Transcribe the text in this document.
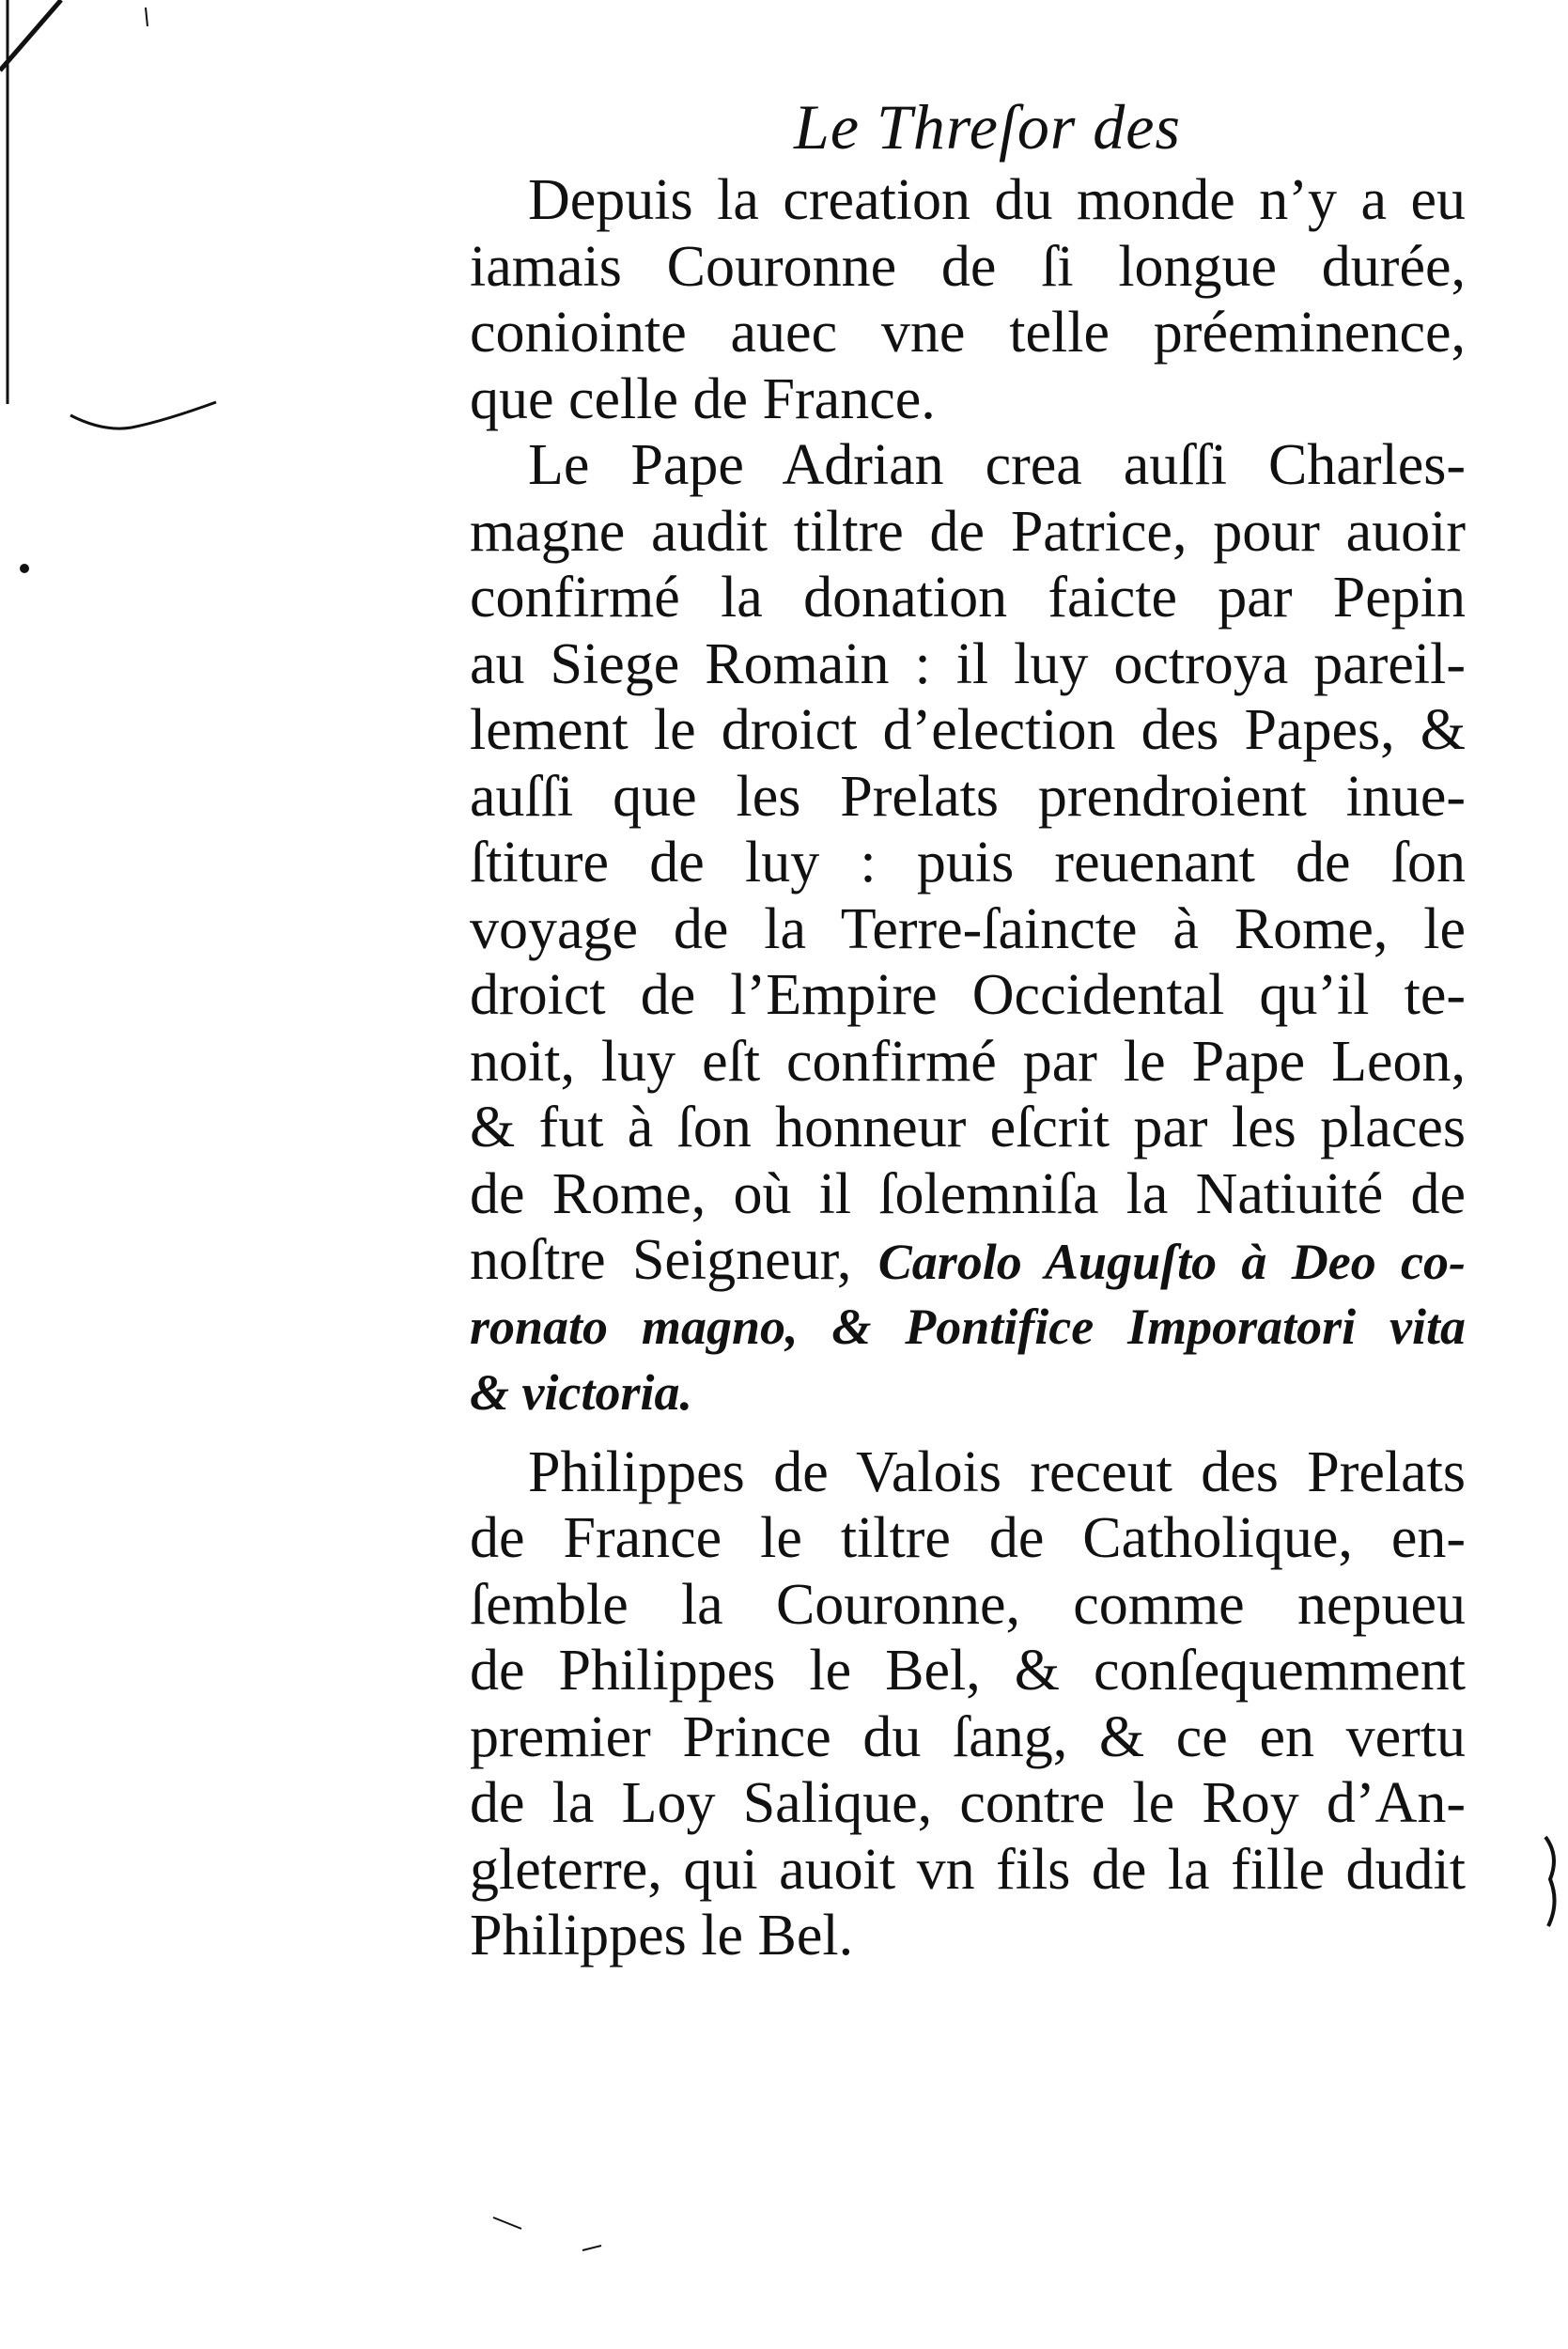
Le Threſor des
Depuis la creation du monde n’y a eu
iamais Couronne de ſi longue durée,
coniointe auec vne telle préeminence,
que celle de France.
Le Pape Adrian crea auſſi Charles-
magne audit tiltre de Patrice, pour auoir
confirmé la donation faicte par Pepin
au Siege Romain : il luy octroya pareil-
lement le droict d’election des Papes, &
auſſi que les Prelats prendroient inue-
ſtiture de luy : puis reuenant de ſon
voyage de la Terre-ſaincte à Rome, le
droict de l’Empire Occidental qu’il te-
noit, luy eſt confirmé par le Pape Leon,
& fut à ſon honneur eſcrit par les places
de Rome, où il ſolemniſa la Natiuité de
noſtre Seigneur, Carolo Auguſto à Deo co-
ronato magno, & Pontifice Imporatori vita
& victoria.
Philippes de Valois receut des Prelats
de France le tiltre de Catholique, en-
ſemble la Couronne, comme nepueu
de Philippes le Bel, & conſequemment
premier Prince du ſang, & ce en vertu
de la Loy Salique, contre le Roy d’An-
gleterre, qui auoit vn fils de la fille dudit
Philippes le Bel.
